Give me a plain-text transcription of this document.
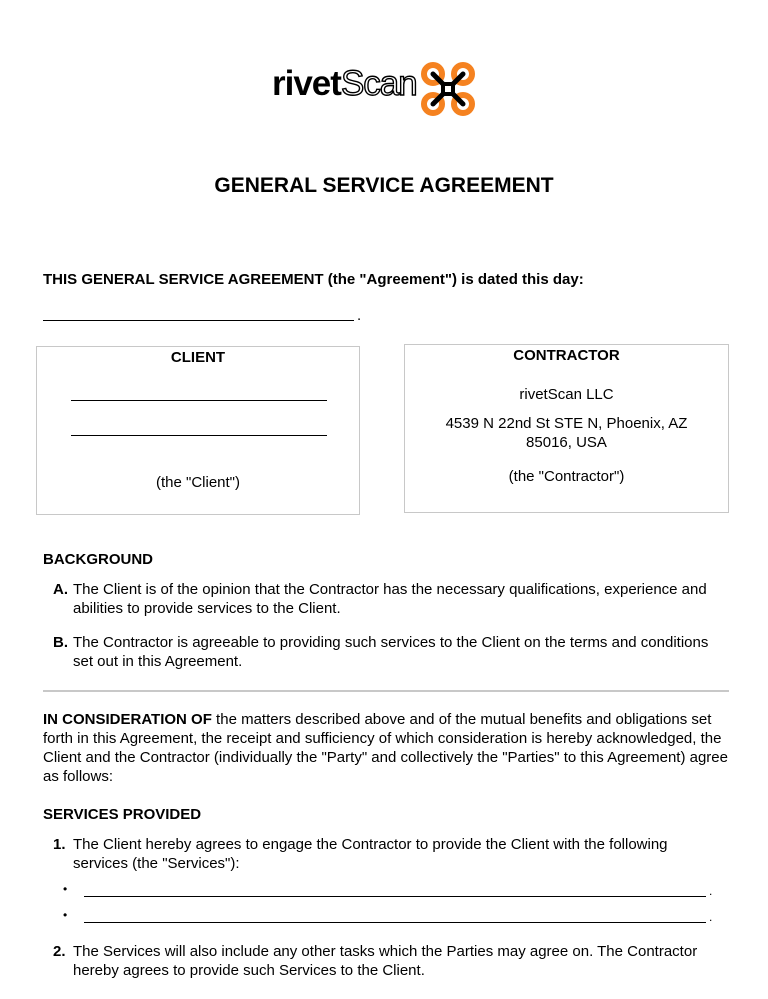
rivetScan
GENERAL SERVICE AGREEMENT
THIS GENERAL SERVICE AGREEMENT (the "Agreement") is dated this day:
.
CLIENT
(the "Client")
CONTRACTOR
rivetScan LLC
4539 N 22nd St STE N, Phoenix, AZ
85016, USA
(the "Contractor")
BACKGROUND
A. The Client is of the opinion that the Contractor has the necessary qualifications, experience and
abilities to provide services to the Client.
B. The Contractor is agreeable to providing such services to the Client on the terms and conditions
set out in this Agreement.
IN CONSIDERATION OF the matters described above and of the mutual benefits and obligations set forth in this Agreement, the receipt and sufficiency of which consideration is hereby acknowledged, the Client and the Contractor (individually the "Party" and collectively the "Parties" to this Agreement) agree as follows:
SERVICES PROVIDED
1. The Client hereby agrees to engage the Contractor to provide the Client with the following
services (the "Services"):
•	.
•	.
2. The Services will also include any other tasks which the Parties may agree on. The Contractor
hereby agrees to provide such Services to the Client.
